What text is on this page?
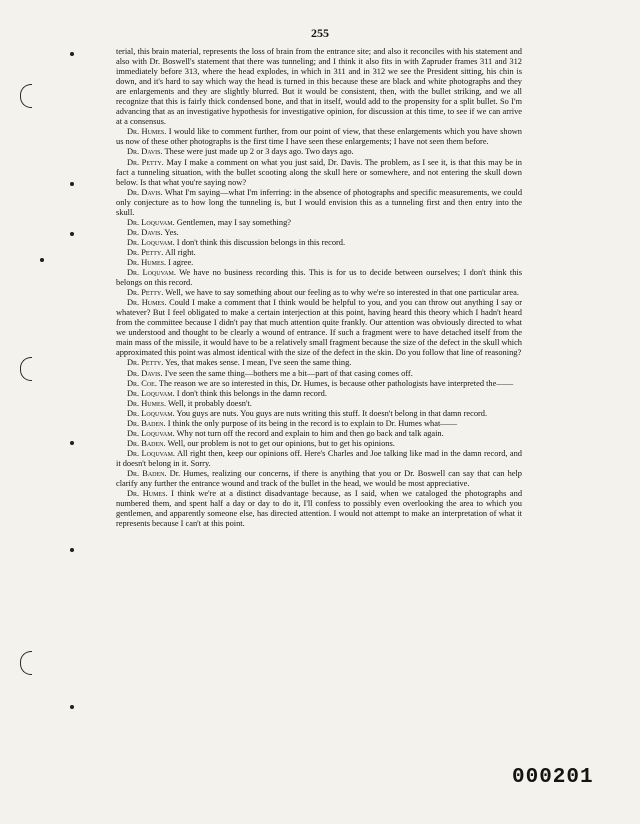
255

terial, this brain material, represents the loss of brain from the entrance site; and also it reconciles with his statement and also with Dr. Boswell's statement that there was tunneling; and I think it also fits in with Zapruder frames 311 and 312 immediately before 313, where the head explodes, in which in 311 and in 312 we see the President sitting, his chin is down, and it's hard to say which way the head is turned in this because these are black and white photographs and they are enlargements and they are slightly blurred. But it would be consistent, then, with the bullet striking, and we all recognize that this is fairly thick condensed bone, and that in itself, would add to the propensity for a split bullet. So I'm advancing that as an investigative hypothesis for investigative opinion, for discussion at this time, to see if we can arrive at a consensus.

Dr. Humes. I would like to comment further, from our point of view, that these enlargements which you have shown us now of these other photographs is the first time I have seen these enlargements; I have not seen them before.

Dr. Davis. These were just made up 2 or 3 days ago. Two days ago.

Dr. Petty. May I make a comment on what you just said, Dr. Davis. The problem, as I see it, is that this may be in fact a tunneling situation, with the bullet scooting along the skull here or somewhere, and not entering the skull down below. Is that what you're saying now?

Dr. Davis. What I'm saying—what I'm inferring: in the absence of photographs and specific measurements, we could only conjecture as to how long the tunneling is, but I would envision this as a tunneling first and then entry into the skull.

Dr. Loquvam. Gentlemen, may I say something?

Dr. Davis. Yes.

Dr. Loquvam. I don't think this discussion belongs in this record.

Dr. Petty. All right.

Dr. Humes. I agree.

Dr. Loquvam. We have no business recording this. This is for us to decide between ourselves; I don't think this belongs on this record.

Dr. Petty. Well, we have to say something about our feeling as to why we're so interested in that one particular area.

Dr. Humes. Could I make a comment that I think would be helpful to you, and you can throw out anything I say or whatever? But I feel obligated to make a certain interjection at this point, having heard this theory which I hadn't heard from the committee because I didn't pay that much attention quite frankly. Our attention was obviously directed to what we understood and thought to be clearly a wound of entrance. If such a fragment were to have detached itself from the main mass of the missile, it would have to be a relatively small fragment because the size of the defect in the skull which approximated this point was almost identical with the size of the defect in the skin. Do you follow that line of reasoning?

Dr. Petty. Yes, that makes sense. I mean, I've seen the same thing.

Dr. Davis. I've seen the same thing—bothers me a bit—part of that casing comes off.

Dr. Coe. The reason we are so interested in this, Dr. Humes, is because other pathologists have interpreted the——

Dr. Loquvam. I don't think this belongs in the damn record.

Dr. Humes. Well, it probably doesn't.

Dr. Loquvam. You guys are nuts. You guys are nuts writing this stuff. It doesn't belong in that damn record.

Dr. Baden. I think the only purpose of its being in the record is to explain to Dr. Humes what——

Dr. Loquvam. Why not turn off the record and explain to him and then go back and talk again.

Dr. Baden. Well, our problem is not to get our opinions, but to get his opinions.

Dr. Loquvam. All right then, keep our opinions off. Here's Charles and Joe talking like mad in the damn record, and it doesn't belong in it. Sorry.

Dr. Baden. Dr. Humes, realizing our concerns, if there is anything that you or Dr. Boswell can say that can help clarify any further the entrance wound and track of the bullet in the head, we would be most appreciative.

Dr. Humes. I think we're at a distinct disadvantage because, as I said, when we cataloged the photographs and numbered them, and spent half a day or day to do it, I'll confess to possibly even overlooking the area to which you gentlemen, and apparently someone else, has directed attention. I would not attempt to make an interpretation of what it represents because I can't at this point.

000201
